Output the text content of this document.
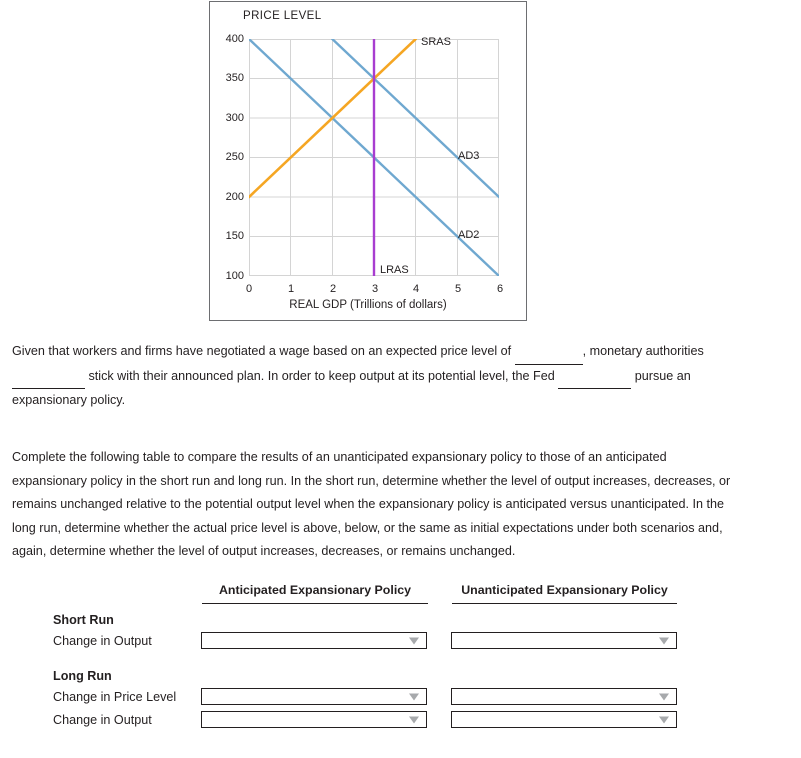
PRICE LEVEL
400
350
300
250
200
150
100
0	1	2	3	4	5	6
REAL GDP (Trillions of dollars)
SRAS
AD3
AD2
LRAS
Given that workers and firms have negotiated a wage based on an expected price level of	, monetary authorities   stick with their announced plan. In order to keep output at its potential level, the Fed	pursue an expansionary policy.
Complete the following table to compare the results of an unanticipated expansionary policy to those of an anticipated expansionary policy in the short run and long run. In the short run, determine whether the level of output increases, decreases, or remains unchanged relative to the potential output level when the expansionary policy is anticipated versus unanticipated. In the long run, determine whether the actual price level is above, below, or the same as initial expectations under both scenarios and, again, determine whether the level of output increases, decreases, or remains unchanged.
Anticipated Expansionary Policy	Unanticipated Expansionary Policy
Short Run
Change in Output
Long Run
Change in Price Level
Change in Output
